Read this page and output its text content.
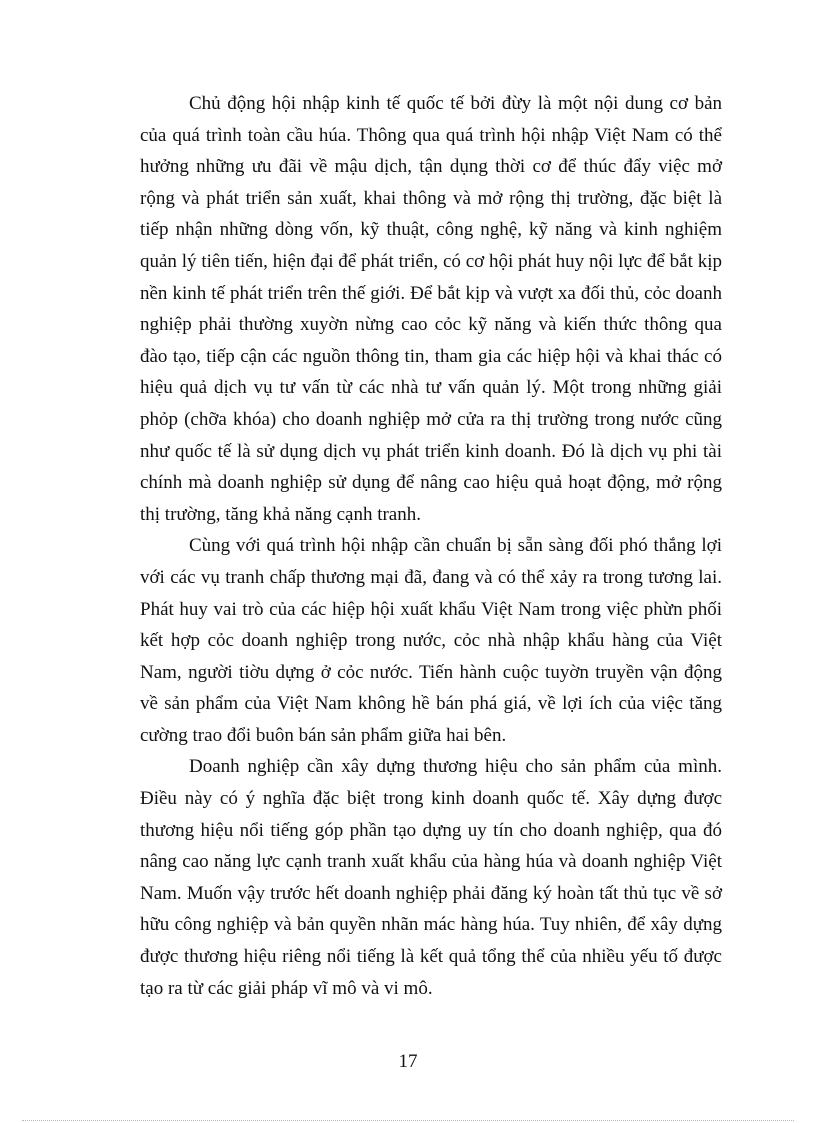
Chủ động hội nhập kinh tế quốc tế bởi đừy là một nội dung cơ bản của quá trình toàn cầu húa. Thông qua quá trình hội nhập Việt Nam có thể hưởng những ưu đãi về mậu dịch, tận dụng thời cơ để thúc đẩy việc mở rộng và phát triển sản xuất, khai thông và mở rộng thị trường, đặc biệt là tiếp nhận những dòng vốn, kỹ thuật, công nghệ, kỹ năng và kinh nghiệm quản lý tiên tiến, hiện đại để phát triển, có cơ hội phát huy nội lực để bắt kịp nền kinh tế phát triển trên thế giới. Để bắt kịp và vượt xa đối thủ, cỏc doanh nghiệp phải thường xuyờn nừng cao cỏc kỹ năng và kiến thức thông qua đào tạo, tiếp cận các nguồn thông tin, tham gia các hiệp hội và khai thác có hiệu quả dịch vụ tư vấn từ các nhà tư vấn quản lý. Một trong những giải phỏp (chỡa khóa) cho doanh nghiệp mở cửa ra thị trường trong nước cũng như quốc tế là sử dụng dịch vụ phát triển kinh doanh. Đó là dịch vụ phi tài chính mà doanh nghiệp sử dụng để nâng cao hiệu quả hoạt động, mở rộng thị trường, tăng khả năng cạnh tranh.

Cùng với quá trình hội nhập cần chuẩn bị sẵn sàng đối phó thắng lợi với các vụ tranh chấp thương mại đã, đang và có thể xảy ra trong tương lai. Phát huy vai trò của các hiệp hội xuất khẩu Việt Nam trong việc phừn phối kết hợp cỏc doanh nghiệp trong nước, cỏc nhà nhập khẩu hàng của Việt Nam, người tiờu dựng ở cỏc nước. Tiến hành cuộc tuyờn truyền vận động về sản phẩm của Việt Nam không hề bán phá giá, về lợi ích của việc tăng cường trao đổi buôn bán sản phẩm giữa hai bên.

Doanh nghiệp cần xây dựng thương hiệu cho sản phẩm của mình. Điều này có ý nghĩa đặc biệt trong kinh doanh quốc tế. Xây dựng được thương hiệu nổi tiếng góp phần tạo dựng uy tín cho doanh nghiệp, qua đó nâng cao năng lực cạnh tranh xuất khẩu của hàng húa và doanh nghiệp Việt Nam. Muốn vậy trước hết doanh nghiệp phải đăng ký hoàn tất thủ tục về sở hữu công nghiệp và bản quyền nhãn mác hàng húa. Tuy nhiên, để xây dựng được thương hiệu riêng nổi tiếng là kết quả tổng thể của nhiều yếu tố được tạo ra từ các giải pháp vĩ mô và vi mô.

17
